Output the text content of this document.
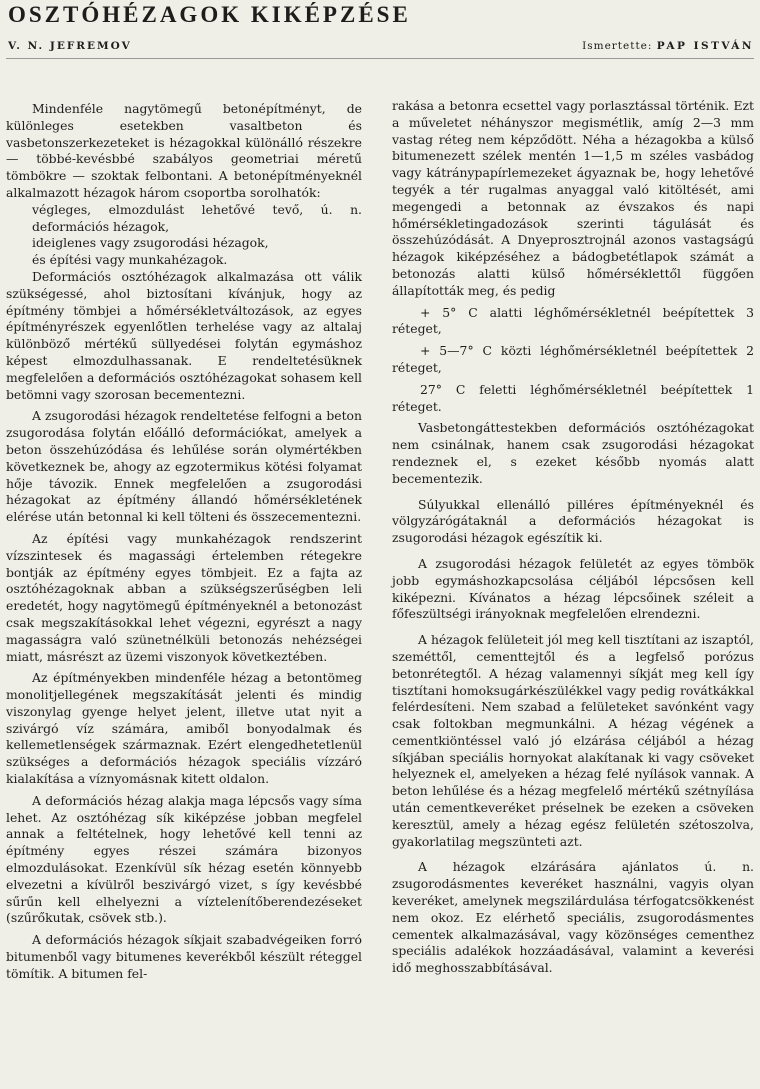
OSZTÓHÉZAGOK KIKÉPZÉSE
V. N. JEFREMOV	Ismertette: PAP ISTVÁN

Mindenféle nagytömegű betonépítményt, de különleges esetekben vasaltbeton és vasbetonszerkezeteket is hézagokkal különálló részekre — többé-kevésbbé szabályos geometriai méretű tömbökre — szoktak felbontani. A betonépítményeknél alkalmazott hézagok három csoportba sorolhatók:

végleges, elmozdulást lehetővé tevő, ú. n. deformációs hézagok,

ideiglenes vagy zsugorodási hézagok,

és építési vagy munkahézagok.

Deformációs osztóhézagok alkalmazása ott válik szükségessé, ahol biztosítani kívánjuk, hogy az építmény tömbjei a hőmérsékletváltozások, az egyes építményrészek egyenlőtlen terhelése vagy az altalaj különböző mértékű süllyedései folytán egymáshoz képest elmozdulhassanak. E rendeltetésüknek megfelelően a deformációs osztóhézagokat sohasem kell betömni vagy szorosan becementezni.

A zsugorodási hézagok rendeltetése felfogni a beton zsugorodása folytán előálló deformációkat, amelyek a beton összehúzódása és lehűlése során olymértékben következnek be, ahogy az egzotermikus kötési folyamat hője távozik. Ennek megfelelően a zsugorodási hézagokat az építmény állandó hőmérsékletének elérése után betonnal ki kell tölteni és összecementezni.

Az építési vagy munkahézagok rendszerint vízszintesek és magassági értelemben rétegekre bontják az építmény egyes tömbjeit. Ez a fajta az osztóhézagoknak abban a szükségszerűségben leli eredetét, hogy nagytömegű építményeknél a betonozást csak megszakításokkal lehet végezni, egyrészt a nagy magasságra való szünetnélküli betonozás nehézségei miatt, másrészt az üzemi viszonyok következtében.

Az építményekben mindenféle hézag a betontömeg monolitjellegének megszakítását jelenti és mindig viszonylag gyenge helyet jelent, illetve utat nyit a szivárgó víz számára, amiből bonyodalmak és kellemetlenségek származnak. Ezért elengedhetetlenül szükséges a deformációs hézagok speciális vízzáró kialakítása a víznyomásnak kitett oldalon.

A deformációs hézag alakja maga lépcsős vagy síma lehet. Az osztóhézag sík kiképzése jobban megfelel annak a feltételnek, hogy lehetővé kell tenni az építmény egyes részei számára bizonyos elmozdulásokat. Ezenkívül sík hézag esetén könnyebb elvezetni a kívülről beszivárgó vizet, s így kevésbbé sűrűn kell elhelyezni a víztelenítőberendezéseket (szűrőkutak, csövek stb.).

A deformációs hézagok síkjait szabadvégeiken forró bitumenből vagy bitumenes keverékből készült réteggel tömítik. A bitumen fel-

rakása a betonra ecsettel vagy porlasztással történik. Ezt a műveletet néhányszor megismétlik, amíg 2—3 mm vastag réteg nem képződött. Néha a hézagokba a külső bitumenezett szélek mentén 1—1,5 m széles vasbádog vagy kátránypapírlemezeket ágyaznak be, hogy lehetővé tegyék a tér rugalmas anyaggal való kitöltését, ami megengedi a betonnak az évszakos és napi hőmérsékletingadozások szerinti tágulását és összehúzódását. A Dnyeprosztrojnál azonos vastagságú hézagok kiképzéséhez a bádogbetétlapok számát a betonozás alatti külső hőmérséklettől függően állapították meg, és pedig

+ 5° C alatti léghőmérsékletnél beépítettek 3 réteget,

+ 5—7° C közti léghőmérsékletnél beépítettek 2 réteget,

27° C feletti léghőmérsékletnél beépítettek 1 réteget.

Vasbetongáttestekben deformációs osztóhézagokat nem csinálnak, hanem csak zsugorodási hézagokat rendeznek el, s ezeket később nyomás alatt becementezik.

Súlyukkal ellenálló pilléres építményeknél és völgyzárógátaknál a deformációs hézagokat is zsugorodási hézagok egészítik ki.

A zsugorodási hézagok felületét az egyes tömbök jobb egymáshozkapcsolása céljából lépcsősen kell kiképezni. Kívánatos a hézag lépcsőinek széleit a főfeszültségi irányoknak megfelelően elrendezni.

A hézagok felületeit jól meg kell tisztítani az iszaptól, szeméttől, cementtejtől és a legfelső porózus betonrétegtől. A hézag valamennyi síkját meg kell így tisztítani homoksugárkészülékkel vagy pedig rovátkákkal felérdesíteni. Nem szabad a felületeket savónként vagy csak foltokban megmunkálni. A hézag végének a cementkiöntéssel való jó elzárása céljából a hézag síkjában speciális hornyokat alakítanak ki vagy csöveket helyeznek el, amelyeken a hézag felé nyílások vannak. A beton lehűlése és a hézag megfelelő mértékű szétnyílása után cementkeveréket préselnek be ezeken a csöveken keresztül, amely a hézag egész felületén szétoszolva, gyakorlatilag megszünteti azt.

A hézagok elzárására ajánlatos ú. n. zsugorodásmentes keveréket használni, vagyis olyan keveréket, amelynek megszilárdulása térfogatcsökkenést nem okoz. Ez elérhető speciális, zsugorodásmentes cementek alkalmazásával, vagy közönséges cementhez speciális adalékok hozzáadásával, valamint a keverési idő meghosszabbításával.
